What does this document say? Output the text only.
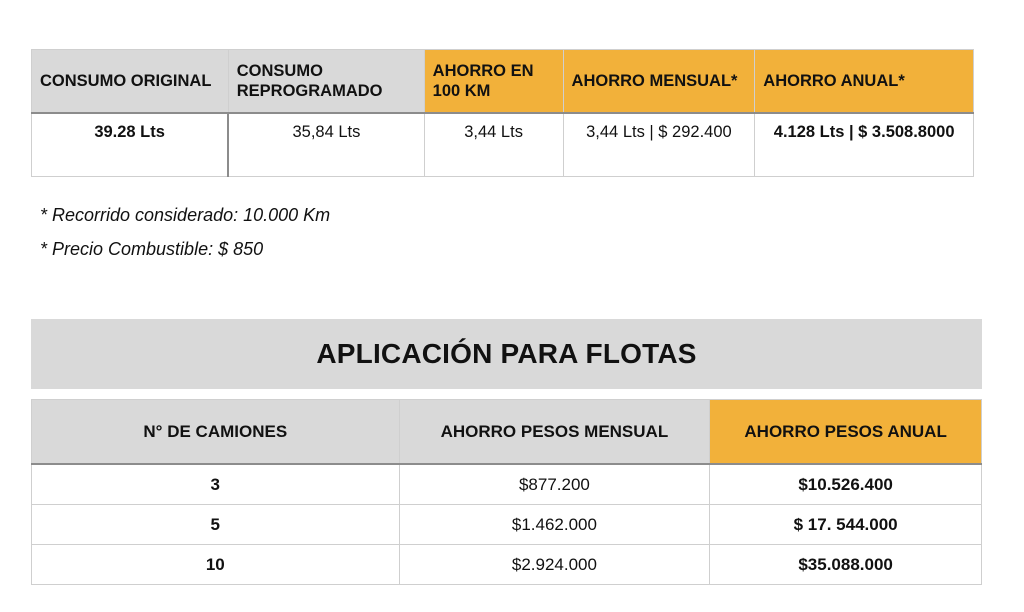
CONSUMO ORIGINAL	CONSUMO REPROGRAMADO	AHORRO EN 100 KM	AHORRO MENSUAL*	AHORRO ANUAL*
39.28 Lts	35,84 Lts	3,44 Lts	3,44 Lts | $ 292.400	4.128 Lts | $ 3.508.8000
* Recorrido considerado: 10.000 Km
* Precio Combustible: $ 850
APLICACIÓN PARA FLOTAS
N° DE CAMIONES	AHORRO PESOS MENSUAL	AHORRO PESOS ANUAL
3	$877.200	$10.526.400
5	$1.462.000	$ 17. 544.000
10	$2.924.000	$35.088.000
